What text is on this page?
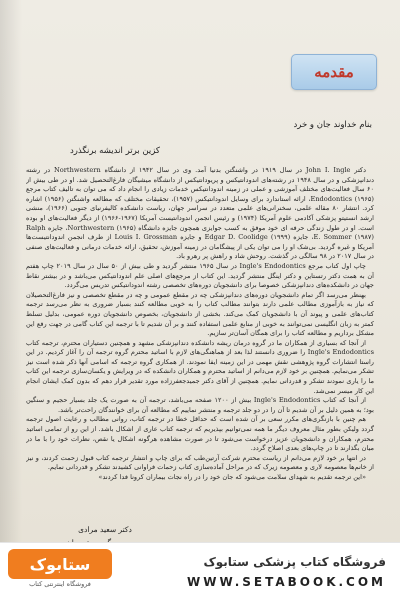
مقدمه
بنام خداوند جان و خرد
کزین برتر اندیشه برنگذرد

دکتر John I. Ingle در سال ۱۹۱۹ در واشنگتن بدنیا آمد. وی در سال ۱۹۴۲ از دانشگاه Northwestern در رشته دندانپزشکی و در سال ۱۹۴۸ در رشته‌های اندودانتیکس و پریودانتیکس از دانشگاه میشیگان فارغ‌التحصیل شد. او در طی بیش از ۶۰ سال فعالیت‌های مختلف آموزشی و عملی در زمینه اندودانتیکس خدمات زیادی را انجام داد که می توان به تالیف کتاب مرجع Endodontics (۱۹۶۵)، ارائه استاندارد برای وسایل اندودانتیکس (۱۹۵۷)، تحقیقات مختلف که مطالعه واشنگتن (۱۹۵۶) اشاره کرد. انتشار ۸۰ مقاله علمی، سخنرانی‌های علمی متعدد در سراسر جهان، ریاست دانشکده کالیفرنیای جنوبی (۱۹۶۶)، منشی ارشد انستیتو پزشکی آکادمی علوم آمریکا (۱۹۷۴) و رئیس انجمن اندودانتیست آمریکا (۱۹۶۷-۱۹۶۶) از دیگر فعالیت‌های او بوده است. او در طول زندگی حرفه ای خود موفق به کسب جوایزی همچون جایزه دانشگاه Northwestern (۱۹۶۵)، جایزه Ralph E. Sommer (۱۹۸۷)، جایزه Edgar D. Coolidge (۱۹۹۹) و جایزه Louis I. Grossman از طرف انجمن اندودانتیست‌ها آمریکا و غیره گردید. بی‌شک او را می توان یکی از پیشگامان در زمینه آموزش، تحقیق، ارائه خدمات درمانی و فعالیت‌های صنفی در سال ۲۰۱۷ در ۹۸ سالگی در گذشت. روحش شاد و راهش پر رهرو باد.

چاپ اول کتاب مرجع Ingle's Endodontics در سال ۱۹۶۵ منتشر گردید و طی بیش از ۵۰ سال در سال ۲۰۱۹ چاپ هفتم آن به همت دکتر رتستاین و دکتر اینگل منتشر گردید. این کتاب از مرجع‌های اصلی علم اندودانتیکس می‌باشد و در بیشتر نقاط جهان در دانشکده‌های دندانپزشکی خصوصا برای دانشجویان دوره‌های تخصصی رشته اندودانتیکس تدریس می‌گردد.

بهنظر می‌رسد اگر تمام دانشجویان دوره‌های دندانپزشکی چه در مقطع عمومی و چه در مقطع تخصصی و نیز فارغ‌التحصیلان که نیاز به بازآموزی مطالب علمی دارند بتوانند مطالب کتاب را به خوبی مطالعه کنند بسیار ضروری به نظر می‌رسد ترجمه کتاب‌های علمی و پیوند آن با دانشجویان کمک می‌کند. بخشی از دانشجویان، بخصوص دانشجویان دوره عمومی، بدلیل تسلط کمتر به زبان انگلیسی نمی‌توانند به خوبی از منابع علمی استفاده کنند و بر آن شدیم تا با ترجمه این کتاب گامی در جهت رفع این مشکل برداریم و مطالعه کتاب را برای همگان آسان‌تر سازیم.

از آنجا که بسیاری از همکاران ما در گروه درمان ریشه دانشکده دندانپزشکی مشهد و همچنین دستیاران محترم، ترجمه کتاب Ingle's Endodontics را ضروری دانستند لذا بعد از هماهنگی‌های لازم با اساتید محترم گروه ترجمه آن را آغاز کردیم. در این راستا انتشارات گروه پژوهشی نقش مهمی در این زمینه ایفا نمودند. از همکاری گروه ترجمه که اسامی آنها ذکر شده است نیز تشکر می‌نمایم. همچنین بر خود لازم می‌دانم از اساتید محترم و همکاران دانشکده که در ویرایش و یکسان‌سازی ترجمه این کتاب ما را یاری نمودند تشکر و قدردانی نمایم. همچنین از آقای دکتر جمیدجعفرزاده مورد تقدیر قرار دهم که بدون کمک ایشان انجام این کار میسر نمی‌شد.

از آنجا که کتاب Ingle's Endodontics بیش از ۱۲۰۰ صفحه می‌باشد، ترجمه آن به صورت یک جلد بسیار حجیم و سنگین بود؛ به همین دلیل بر آن شدیم تا آن را در دو جلد ترجمه و منتشر نماییم که مطالعه آن برای خوانندگان راحت‌تر باشد.

هم چنین با بازنگری‌های مکرر سعی بر آن شده است که حداقل خطا در ترجمه کتاب، روانی مطالب و رعایت اصول ترجمه گردد ولیکن بطور مثال معروف دیگر ما همه نمی‌توانیم بپذیریم که ترجمه کتاب عاری از اشکال باشد. از این رو از تمامی اساتید محترم، همکاران و دانشجویان عزیز درخواست می‌شود تا در صورت مشاهده هرگونه اشکال یا نقص، نظرات خود را با ما در میان بگذارند تا در چاپ‌های بعدی اصلاح گردد.

در انتها بر خود لازم می‌دانم از ریاست محترم شرکت آرتین‌طب که برای چاپ و انتشار ترجمه کتاب قبول زحمت کردند، و نیز از خانم‌ها معصومه لاری و معصومه زیرک که در مراحل آماده‌سازی کتاب زحمات فراوانی کشیدند تشکر و قدردانی نمایم.

«این ترجمه تقدیم به شهدای سلامت می‌شود که جان خود را در راه نجات بیماران کرونا فدا کردند»

دکتر سعید مرادی
ستابوک
فروشگاه اینترنتی کتاب
فروشگاه کتاب پزشکی ستابوک
WWW.SETABOOK.COM
